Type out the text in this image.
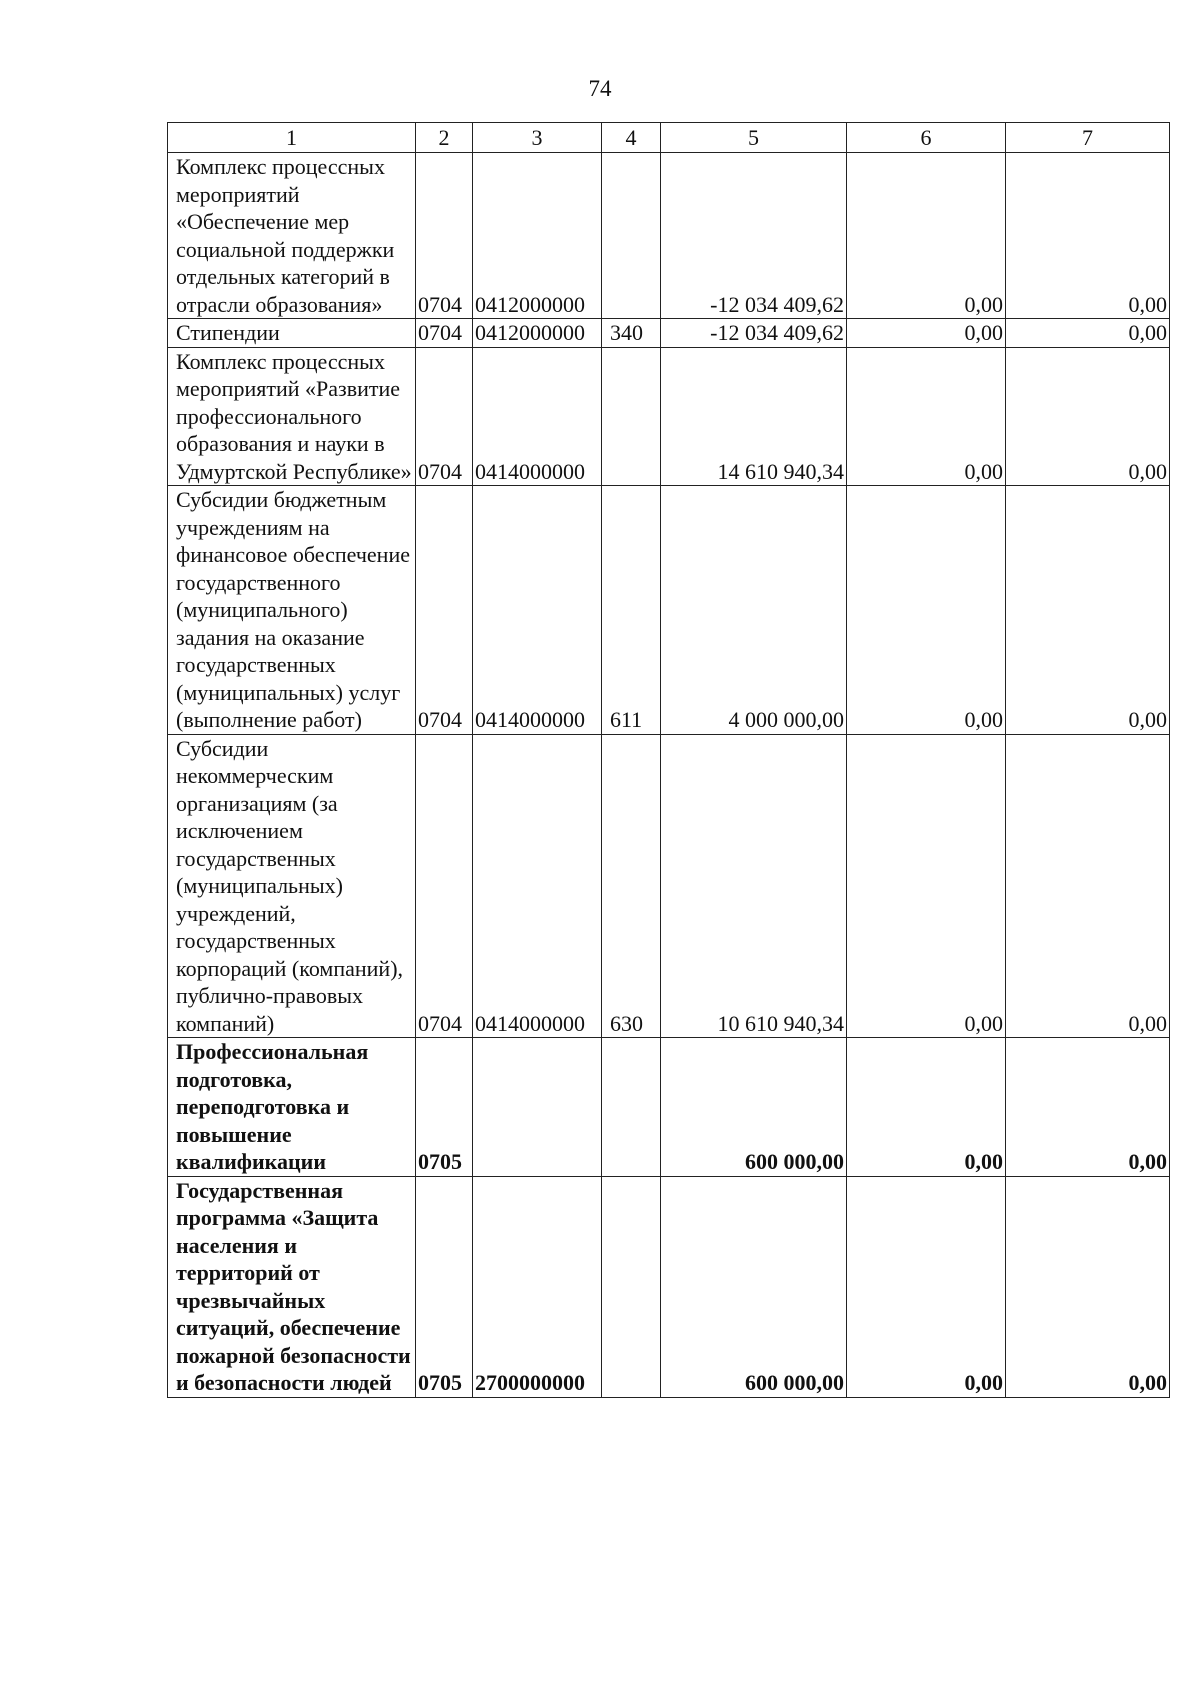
74
1	2	3	4	5	6	7
Комплекс процессных мероприятий «Обеспечение мер социальной поддержки отдельных категорий в отрасли образования»	0704	0412000000		-12 034 409,62	0,00	0,00
Стипендии	0704	0412000000	340	-12 034 409,62	0,00	0,00
Комплекс процессных мероприятий «Развитие профессионального образования и науки в Удмуртской Республике»	0704	0414000000		14 610 940,34	0,00	0,00
Субсидии бюджетным учреждениям на финансовое обеспечение государственного (муниципального) задания на оказание государственных (муниципальных) услуг (выполнение работ)	0704	0414000000	611	4 000 000,00	0,00	0,00
Субсидии некоммерческим организациям (за исключением государственных (муниципальных) учреждений, государственных корпораций (компаний), публично-правовых компаний)	0704	0414000000	630	10 610 940,34	0,00	0,00
Профессиональная подготовка, переподготовка и повышение квалификации	0705			600 000,00	0,00	0,00
Государственная программа «Защита населения и территорий от чрезвычайных ситуаций, обеспечение пожарной безопасности и безопасности людей	0705	2700000000		600 000,00	0,00	0,00
